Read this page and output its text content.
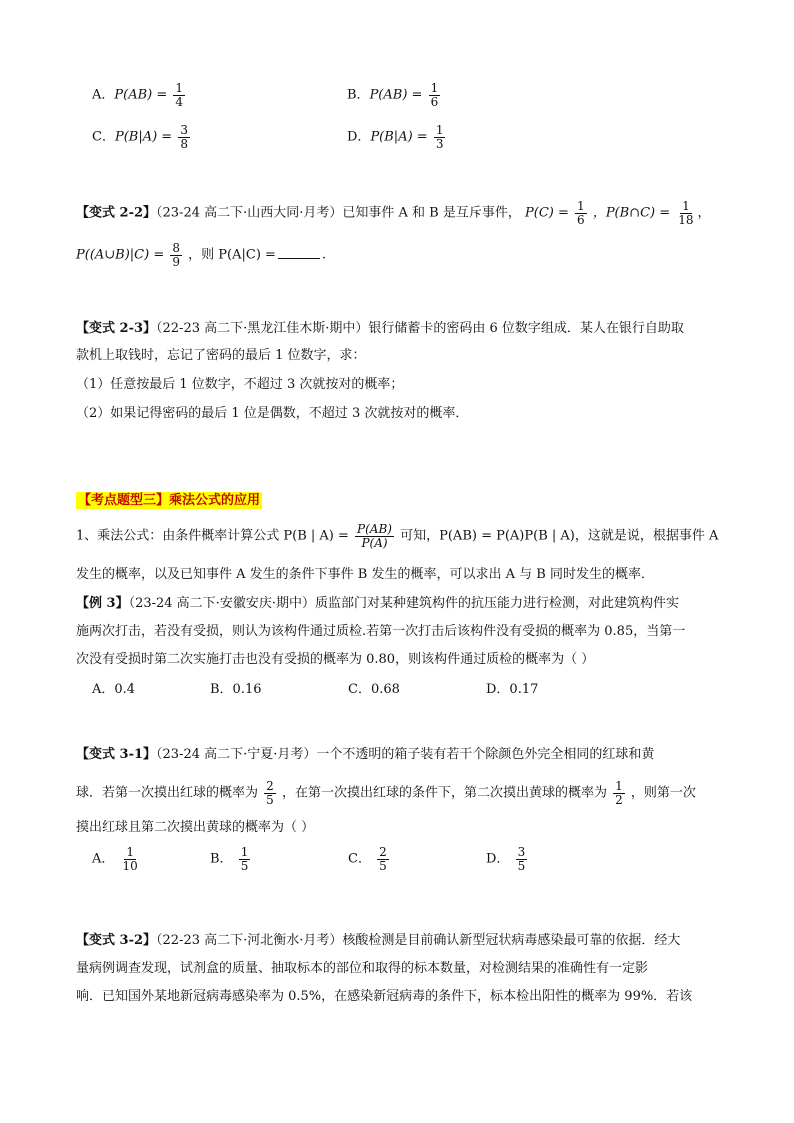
A．$P(AB) = \frac{1}{4}$	B．$P(AB) = \frac{1}{6}$
C．$P(B|A) = \frac{3}{8}$	D．$P(B|A) = \frac{1}{3}$
【变式 2-2】（23-24 高二下·山西大同·月考）已知事件 A 和 B 是互斥事件， $P(C) = \frac{1}{6}$ ，P(B∩C) = $\frac{1}{18}$ ，
P((A∪B)|C) = $\frac{8}{9}$ ，则 P(A|C) =	.
【变式 2-3】（22-23 高二下·黑龙江佳木斯·期中）银行储蓄卡的密码由 6 位数字组成．某人在银行自助取
款机上取钱时，忘记了密码的最后 1 位数字，求：
（1）任意按最后 1 位数字，不超过 3 次就按对的概率；
（2）如果记得密码的最后 1 位是偶数，不超过 3 次就按对的概率．
【考点题型三】乘法公式的应用
1、乘法公式：由条件概率计算公式 P(B | $A) = \frac{P(AB)}{P(A)}$ 可知，P(AB) = P(A)P(B | A)，这就是说，根据事件 A
发生的概率，以及已知事件 A 发生的条件下事件 B 发生的概率，可以求出 A 与 B 同时发生的概率．
【例 3】（23-24 高二下·安徽安庆·期中）质监部门对某种建筑构件的抗压能力进行检测，对此建筑构件实
施两次打击，若没有受损，则认为该构件通过质检.若第一次打击后该构件没有受损的概率为 0.85，当第一
次没有受损时第二次实施打击也没有受损的概率为 0.80，则该构件通过质检的概率为（ ）
A．0.4	B．0.16	C．0.68	D．0.17
【变式 3-1】（23-24 高二下·宁夏·月考）一个不透明的箱子装有若干个除颜色外完全相同的红球和黄
球．若第一次摸出红球的概率为 $\frac{2}{5}$ ，在第一次摸出红球的条件下，第二次摸出黄球的概率为 $\frac{1}{2}$ ，则第一次
摸出红球且第二次摸出黄球的概率为（ ）
A． $\frac{1}{10}$	B． $\frac{1}{5}$	C． $\frac{2}{5}$	D． $\frac{3}{5}$
【变式 3-2】（22-23 高二下·河北衡水·月考）核酸检测是目前确认新型冠状病毒感染最可靠的依据．经大
量病例调查发现，试剂盒的质量、抽取标本的部位和取得的标本数量，对检测结果的准确性有一定影
响．已知国外某地新冠病毒感染率为 0.5%，在感染新冠病毒的条件下，标本检出阳性的概率为 99%．若该
